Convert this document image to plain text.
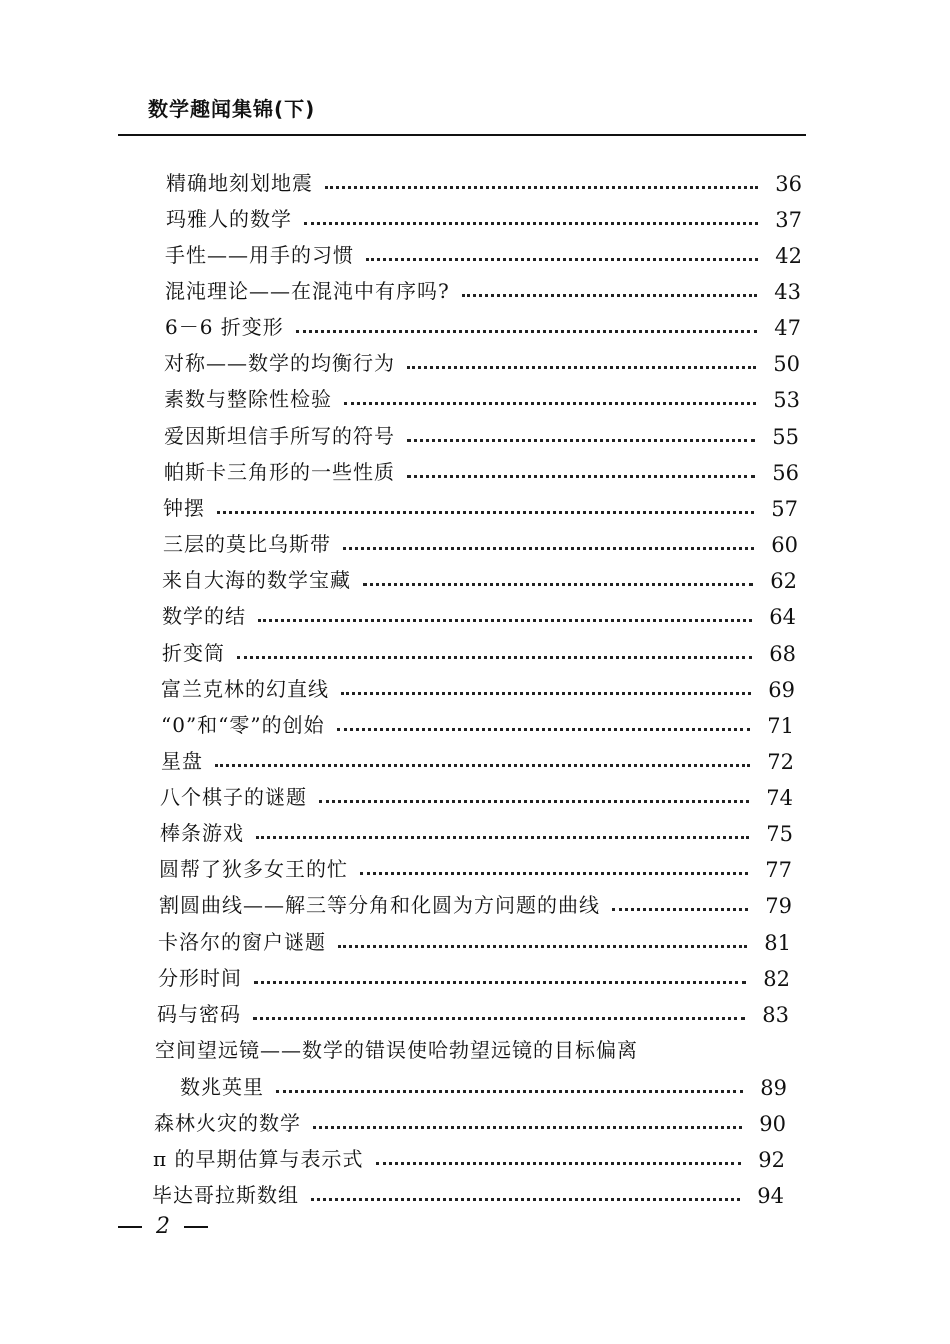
数学趣闻集锦(下)
精确地刻划地震	36
玛雅人的数学	37
手性——用手的习惯	42
混沌理论——在混沌中有序吗?	43
6－6 折变形	47
对称——数学的均衡行为	50
素数与整除性检验	53
爱因斯坦信手所写的符号	55
帕斯卡三角形的一些性质	56
钟摆	57
三层的莫比乌斯带	60
来自大海的数学宝藏	62
数学的结	64
折变筒	68
富兰克林的幻直线	69
“0”和“零”的创始	71
星盘	72
八个棋子的谜题	74
棒条游戏	75
圆帮了狄多女王的忙	77
割圆曲线——解三等分角和化圆为方问题的曲线	79
卡洛尔的窗户谜题	81
分形时间	82
码与密码	83
空间望远镜——数学的错误使哈勃望远镜的目标偏离
数兆英里	89
森林火灾的数学	90
π 的早期估算与表示式	92
毕达哥拉斯数组	94
2
